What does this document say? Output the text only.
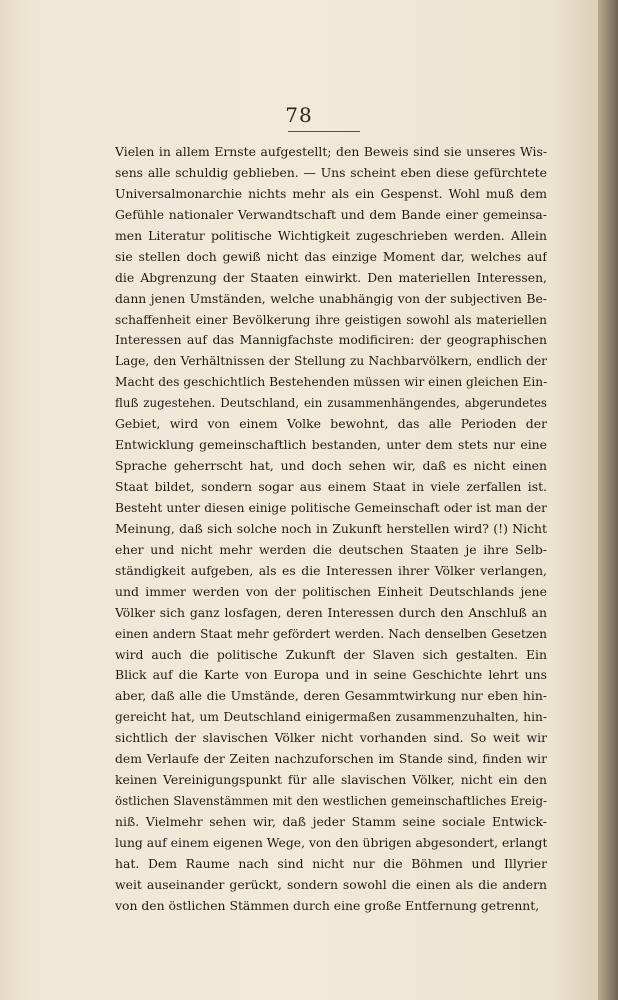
78
Vielen in allem Ernste aufgestellt; den Beweis sind sie unseres Wis-
sens alle schuldig geblieben. — Uns scheint eben diese gefürchtete
Universalmonarchie nichts mehr als ein Gespenst. Wohl muß dem
Gefühle nationaler Verwandtschaft und dem Bande einer gemeinsa-
men Literatur politische Wichtigkeit zugeschrieben werden. Allein
sie stellen doch gewiß nicht das einzige Moment dar, welches auf
die Abgrenzung der Staaten einwirkt. Den materiellen Interessen,
dann jenen Umständen, welche unabhängig von der subjectiven Be-
schaffenheit einer Bevölkerung ihre geistigen sowohl als materiellen
Interessen auf das Mannigfachste modificiren: der geographischen
Lage, den Verhältnissen der Stellung zu Nachbarvölkern, endlich der
Macht des geschichtlich Bestehenden müssen wir einen gleichen Ein-
fluß zugestehen. Deutschland, ein zusammenhängendes, abgerundetes
Gebiet, wird von einem Volke bewohnt, das alle Perioden der
Entwicklung gemeinschaftlich bestanden, unter dem stets nur eine
Sprache geherrscht hat, und doch sehen wir, daß es nicht einen
Staat bildet, sondern sogar aus einem Staat in viele zerfallen ist.
Besteht unter diesen einige politische Gemeinschaft oder ist man der
Meinung, daß sich solche noch in Zukunft herstellen wird? (!) Nicht
eher und nicht mehr werden die deutschen Staaten je ihre Selb-
ständigkeit aufgeben, als es die Interessen ihrer Völker verlangen,
und immer werden von der politischen Einheit Deutschlands jene
Völker sich ganz losfagen, deren Interessen durch den Anschluß an
einen andern Staat mehr gefördert werden. Nach denselben Gesetzen
wird auch die politische Zukunft der Slaven sich gestalten. Ein
Blick auf die Karte von Europa und in seine Geschichte lehrt uns
aber, daß alle die Umstände, deren Gesammtwirkung nur eben hin-
gereicht hat, um Deutschland einigermaßen zusammenzuhalten, hin-
sichtlich der slavischen Völker nicht vorhanden sind. So weit wir
dem Verlaufe der Zeiten nachzuforschen im Stande sind, finden wir
keinen Vereinigungspunkt für alle slavischen Völker, nicht ein den
östlichen Slavenstämmen mit den westlichen gemeinschaftliches Ereig-
niß. Vielmehr sehen wir, daß jeder Stamm seine sociale Entwick-
lung auf einem eigenen Wege, von den übrigen abgesondert, erlangt
hat. Dem Raume nach sind nicht nur die Böhmen und Illyrier
weit auseinander gerückt, sondern sowohl die einen als die andern
von den östlichen Stämmen durch eine große Entfernung getrennt,
